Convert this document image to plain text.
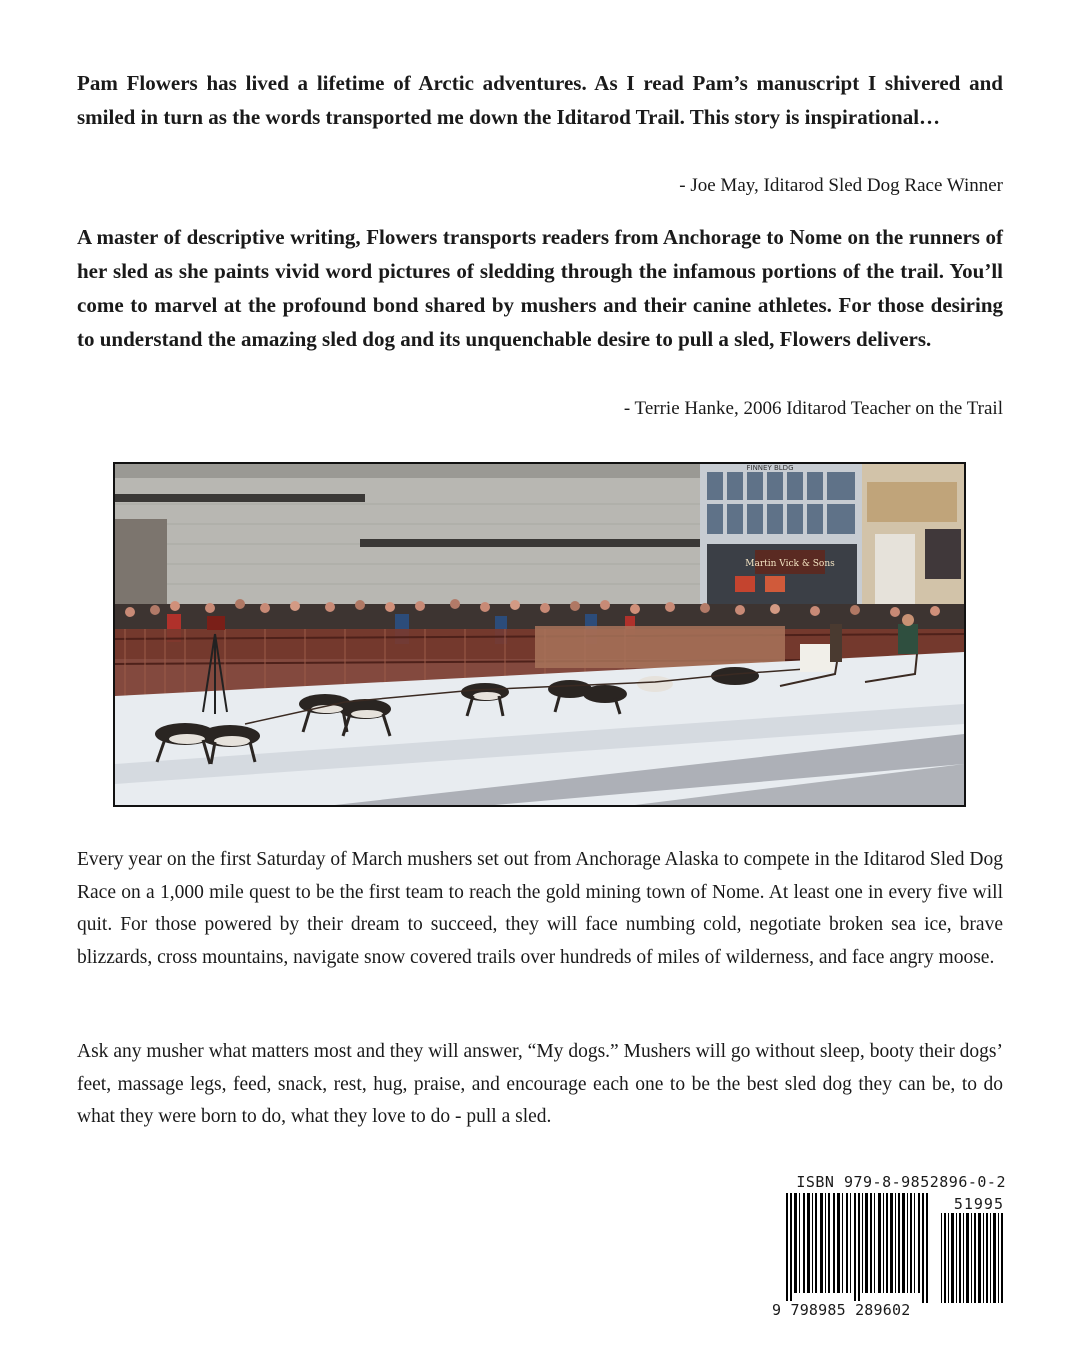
Pam Flowers has lived a lifetime of Arctic adventures. As I read Pam’s manuscript I shivered and smiled in turn as the words transported me down the Iditarod Trail. This story is inspirational…

- Joe May, Iditarod Sled Dog Race Winner

A master of descriptive writing, Flowers transports readers from Anchorage to Nome on the runners of her sled as she paints vivid word pictures of sledding through the infamous portions of the trail. You’ll come to marvel at the profound bond shared by mushers and their canine athletes. For those desiring to understand the amazing sled dog and its unquenchable desire to pull a sled, Flowers delivers.

- Terrie Hanke, 2006 Iditarod Teacher on the Trail

Martin Vick & Sons
FINNEY BLDG

Every year on the first Saturday of March mushers set out from Anchorage Alaska to compete in the Iditarod Sled Dog Race on a 1,000 mile quest to be the first team to reach the gold mining town of Nome. At least one in every five will quit. For those powered by their dream to succeed, they will face numbing cold, negotiate broken sea ice, brave blizzards, cross mountains, navigate snow covered trails over hundreds of miles of wilderness, and face angry moose.

Ask any musher what matters most and they will answer, “My dogs.” Mushers will go without sleep, booty their dogs’ feet, massage legs, feed, snack, rest, hug, praise, and encourage each one to be the best sled dog they can be, to do what they were born to do, what they love to do - pull a sled.

ISBN 979-8-9852896-0-2
51995
9 798985 289602
